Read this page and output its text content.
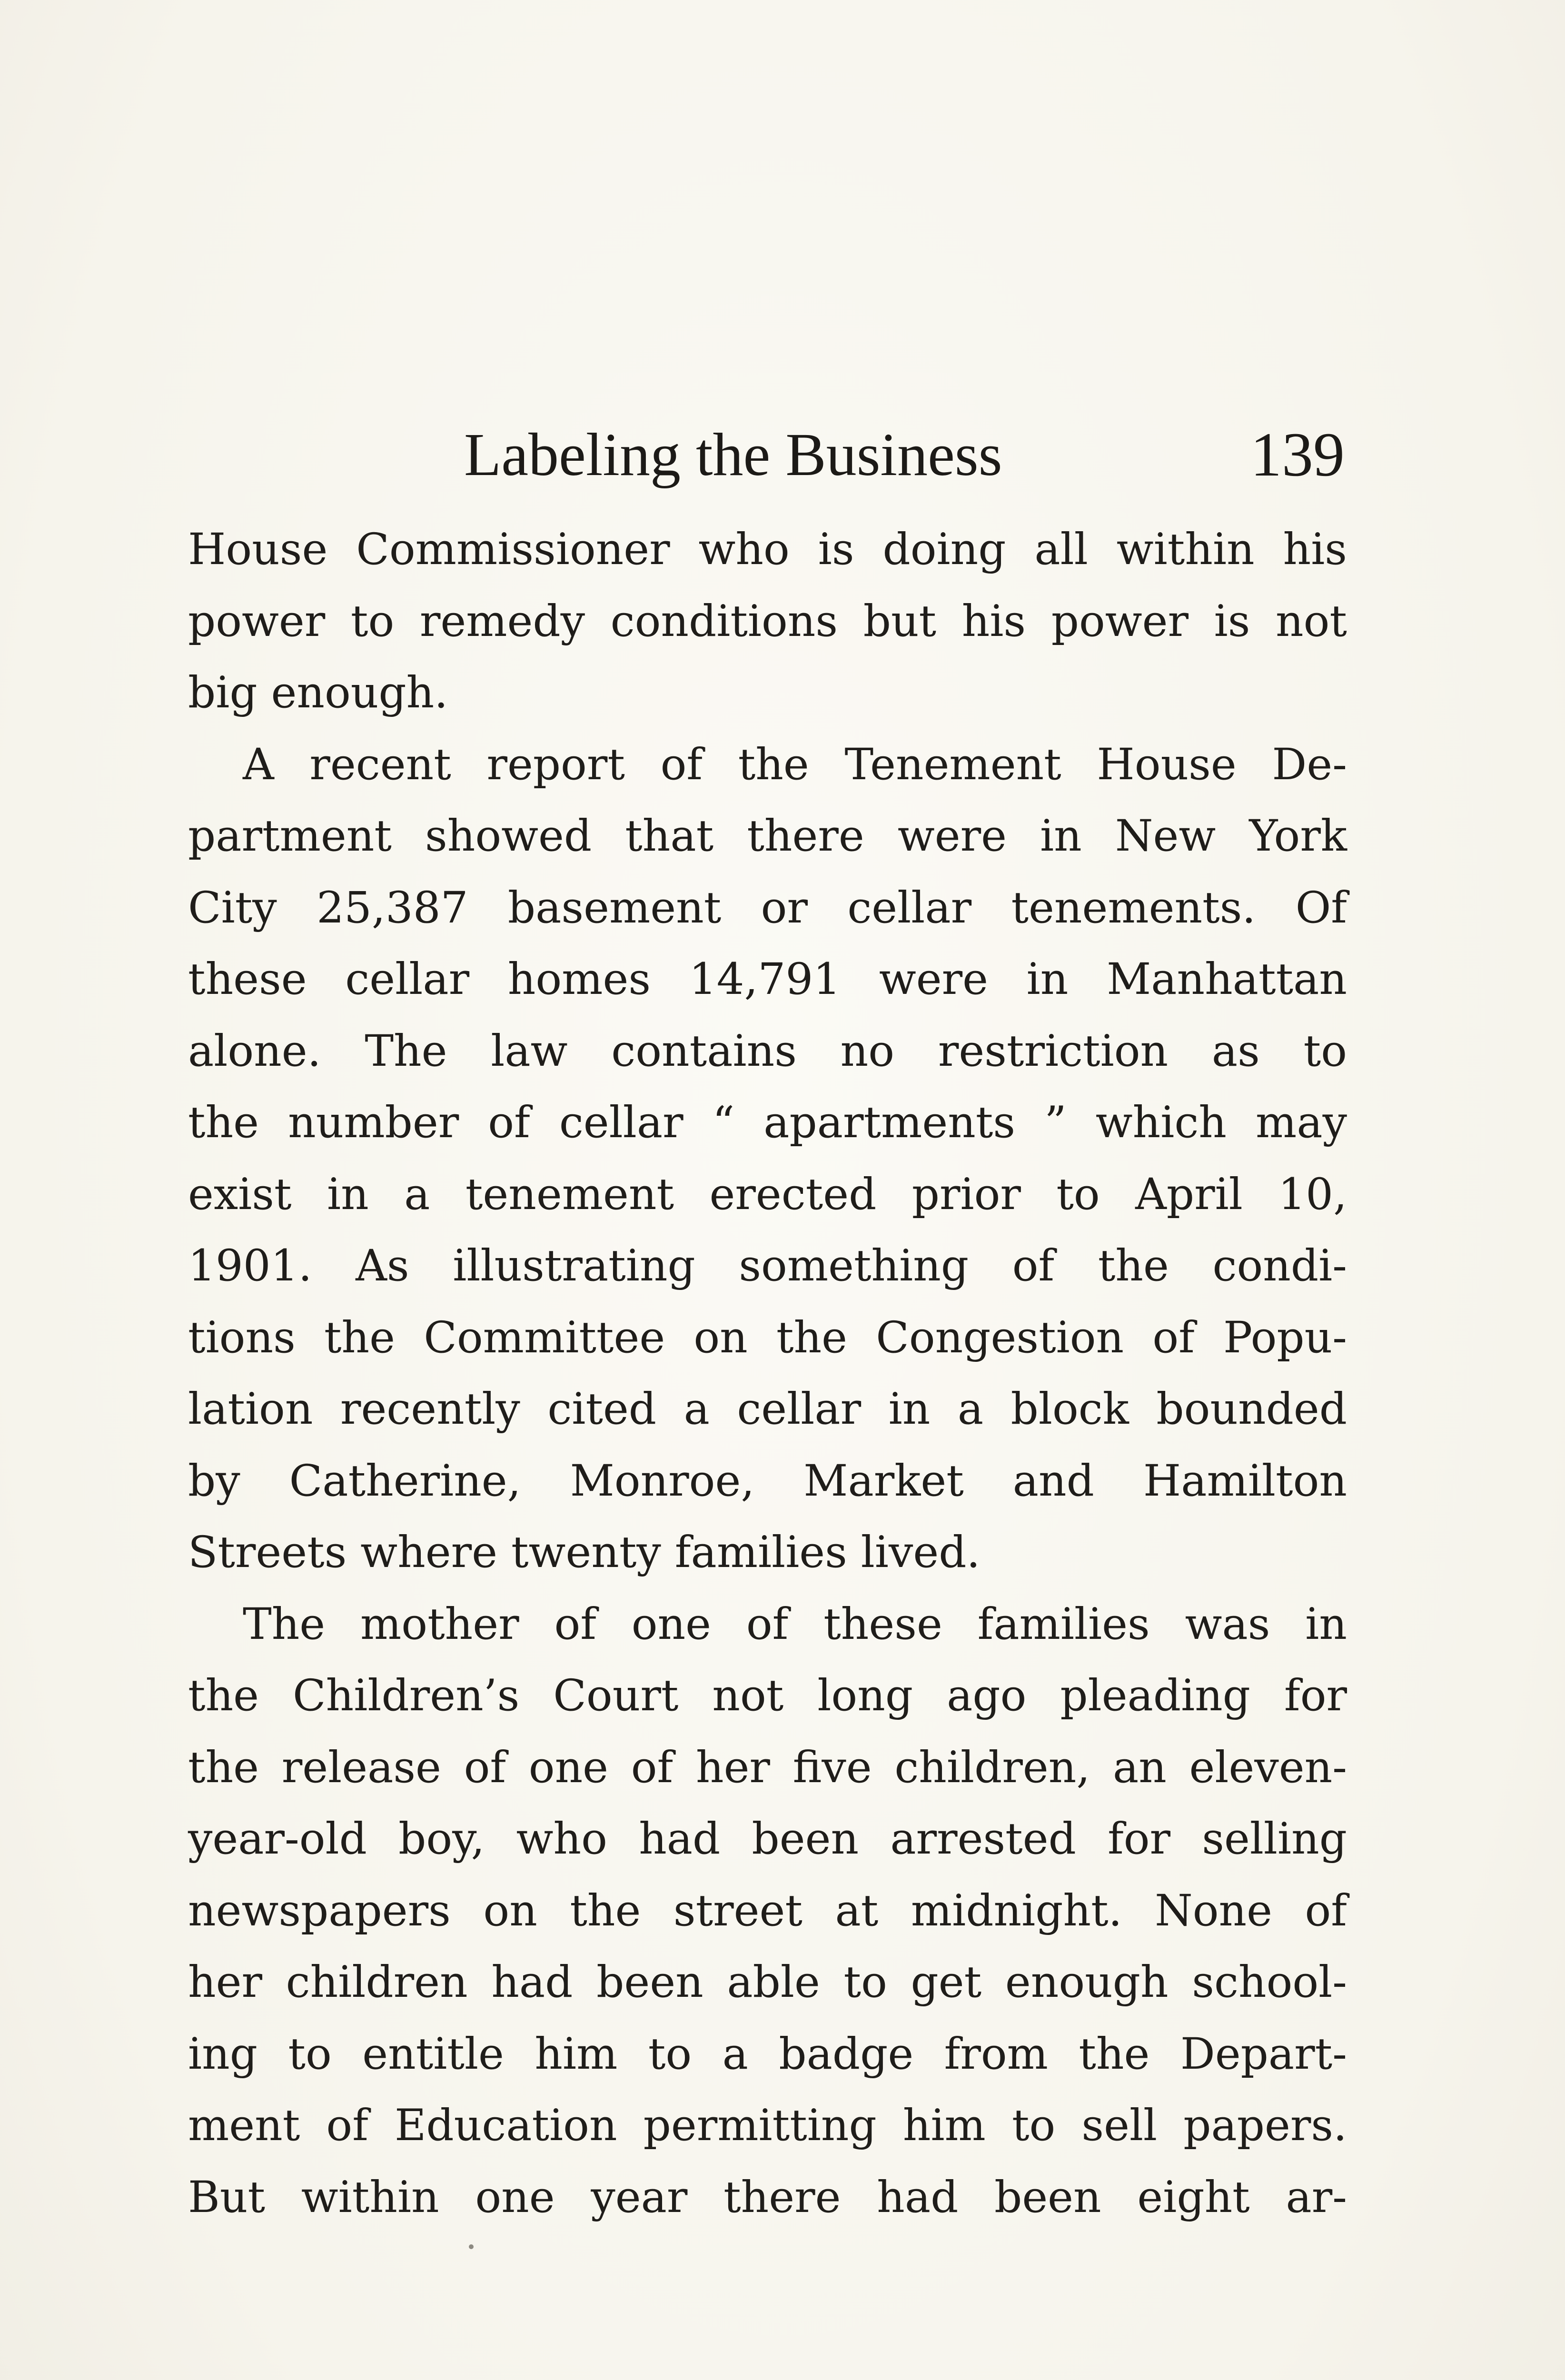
Labeling the Business	139
House Commissioner who is doing all within his
power to remedy conditions but his power is not
big enough.
A recent report of the Tenement House De-
partment showed that there were in New York
City 25,387 basement or cellar tenements. Of
these cellar homes 14,791 were in Manhattan
alone. The law contains no restriction as to
the number of cellar “ apartments ” which may
exist in a tenement erected prior to April 10,
1901. As illustrating something of the condi-
tions the Committee on the Congestion of Popu-
lation recently cited a cellar in a block bounded
by Catherine, Monroe, Market and Hamilton
Streets where twenty families lived.
The mother of one of these families was in
the Children’s Court not long ago pleading for
the release of one of her five children, an eleven-
year-old boy, who had been arrested for selling
newspapers on the street at midnight. None of
her children had been able to get enough school-
ing to entitle him to a badge from the Depart-
ment of Education permitting him to sell papers.
But within one year there had been eight ar-
